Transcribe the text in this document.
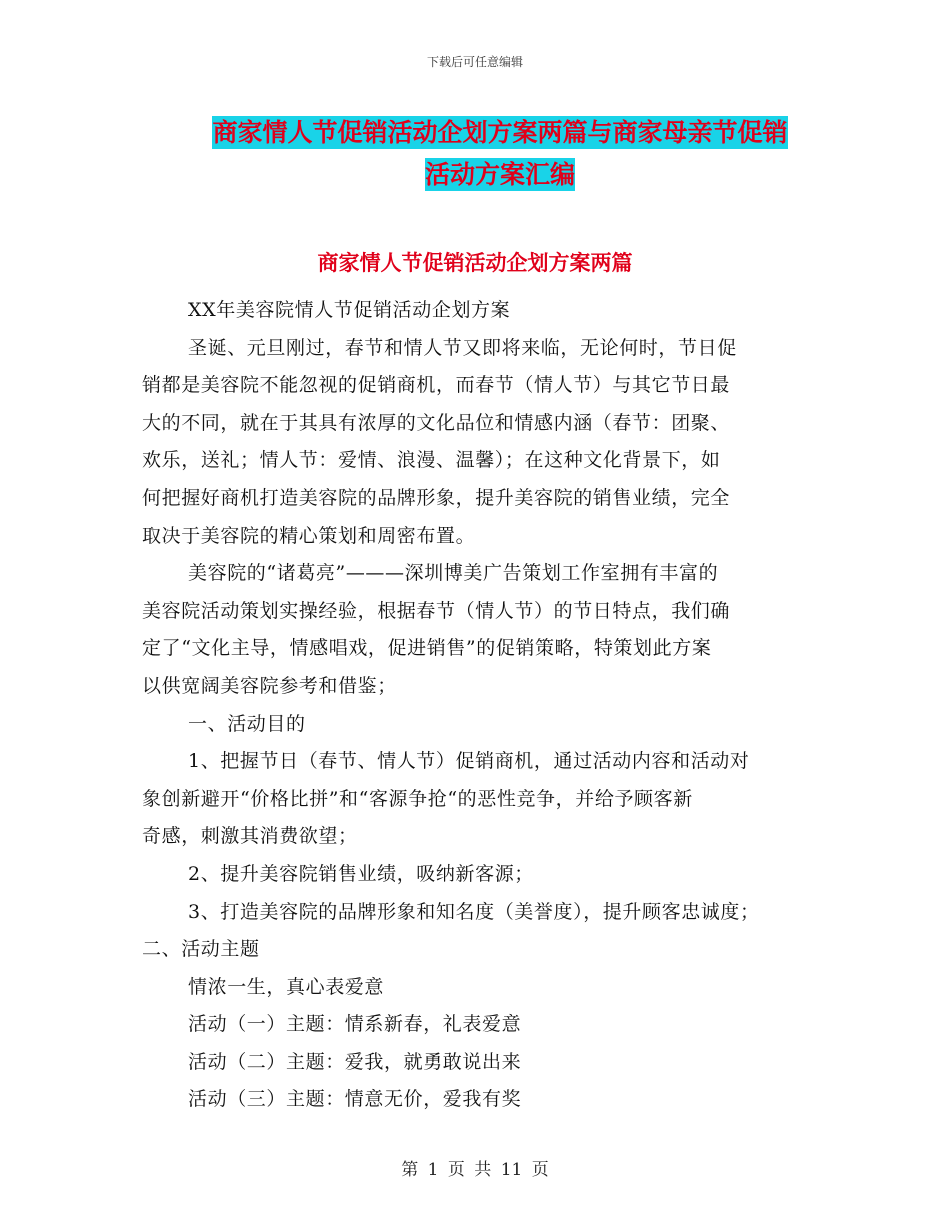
下载后可任意编辑
商家情人节促销活动企划方案两篇与商家母亲节促销
活动方案汇编
商家情人节促销活动企划方案两篇

XX年美容院情人节促销活动企划方案

圣诞、元旦刚过，春节和情人节又即将来临，无论何时，节日促

销都是美容院不能忽视的促销商机，而春节（情人节）与其它节日最

大的不同，就在于其具有浓厚的文化品位和情感内涵（春节：团聚、

欢乐，送礼；情人节：爱情、浪漫、温馨）；在这种文化背景下，如

何把握好商机打造美容院的品牌形象，提升美容院的销售业绩，完全

取决于美容院的精心策划和周密布置。

美容院的“诸葛亮”———深圳博美广告策划工作室拥有丰富的

美容院活动策划实操经验，根据春节（情人节）的节日特点，我们确

定了“文化主导，情感唱戏，促进销售”的促销策略，特策划此方案

以供宽阔美容院参考和借鉴；

一、活动目的

1、把握节日（春节、情人节）促销商机，通过活动内容和活动对

象创新避开“价格比拼”和“客源争抢“的恶性竞争，并给予顾客新

奇感，刺激其消费欲望；

2、提升美容院销售业绩，吸纳新客源；

3、打造美容院的品牌形象和知名度（美誉度），提升顾客忠诚度；

二、活动主题

情浓一生，真心表爱意

活动（一）主题：情系新春，礼表爱意

活动（二）主题：爱我，就勇敢说出来

活动（三）主题：情意无价，爱我有奖

第 1 页 共 11 页
